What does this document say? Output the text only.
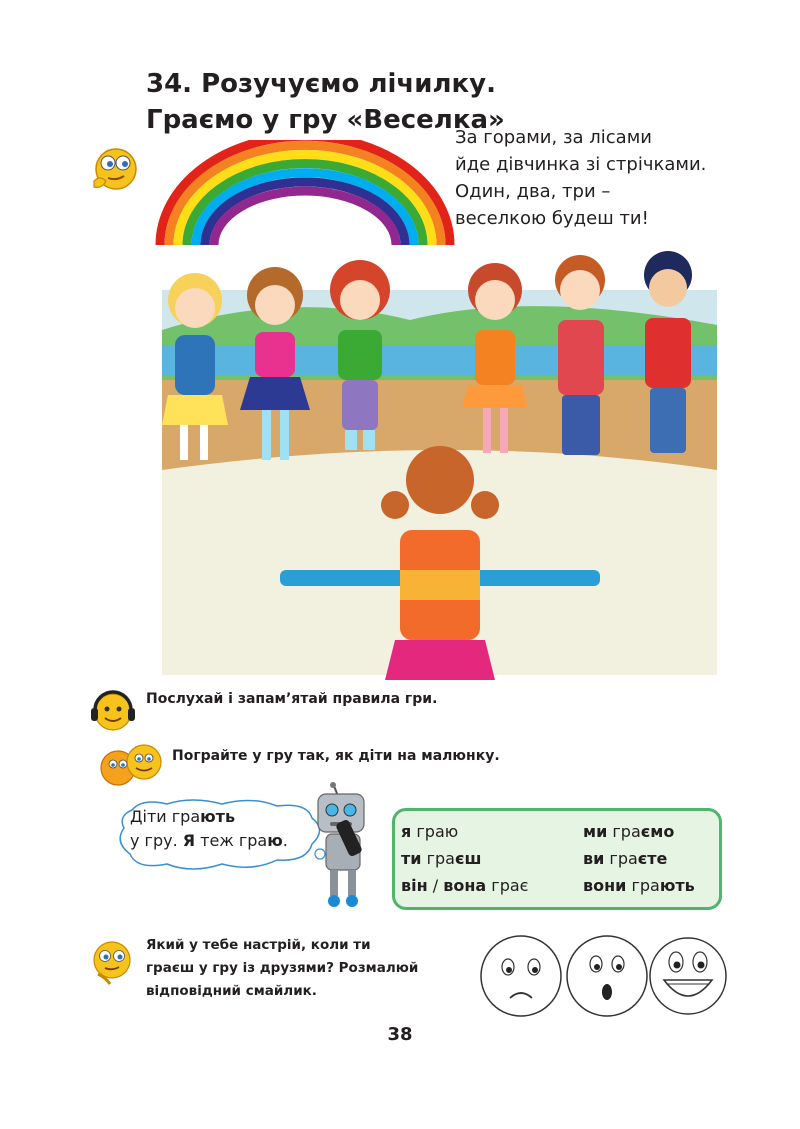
34. Розучуємо лічилку.
Граємо у гру «Веселка»
За горами, за лісами
йде дівчинка зі стрічками.
Один, два, три –
веселкою будеш ти!
Послухай і запам’ятай правила гри.
Пограйте у гру так, як діти на малюнку.
Діти грають
у гру. Я теж граю.	я граю
ти граєш
він / вона грає
ми граємо
ви граєте
вони грають
Який у тебе настрій, коли ти
граєш у гру із друзями? Розмалюй
відповідний смайлик.
38
